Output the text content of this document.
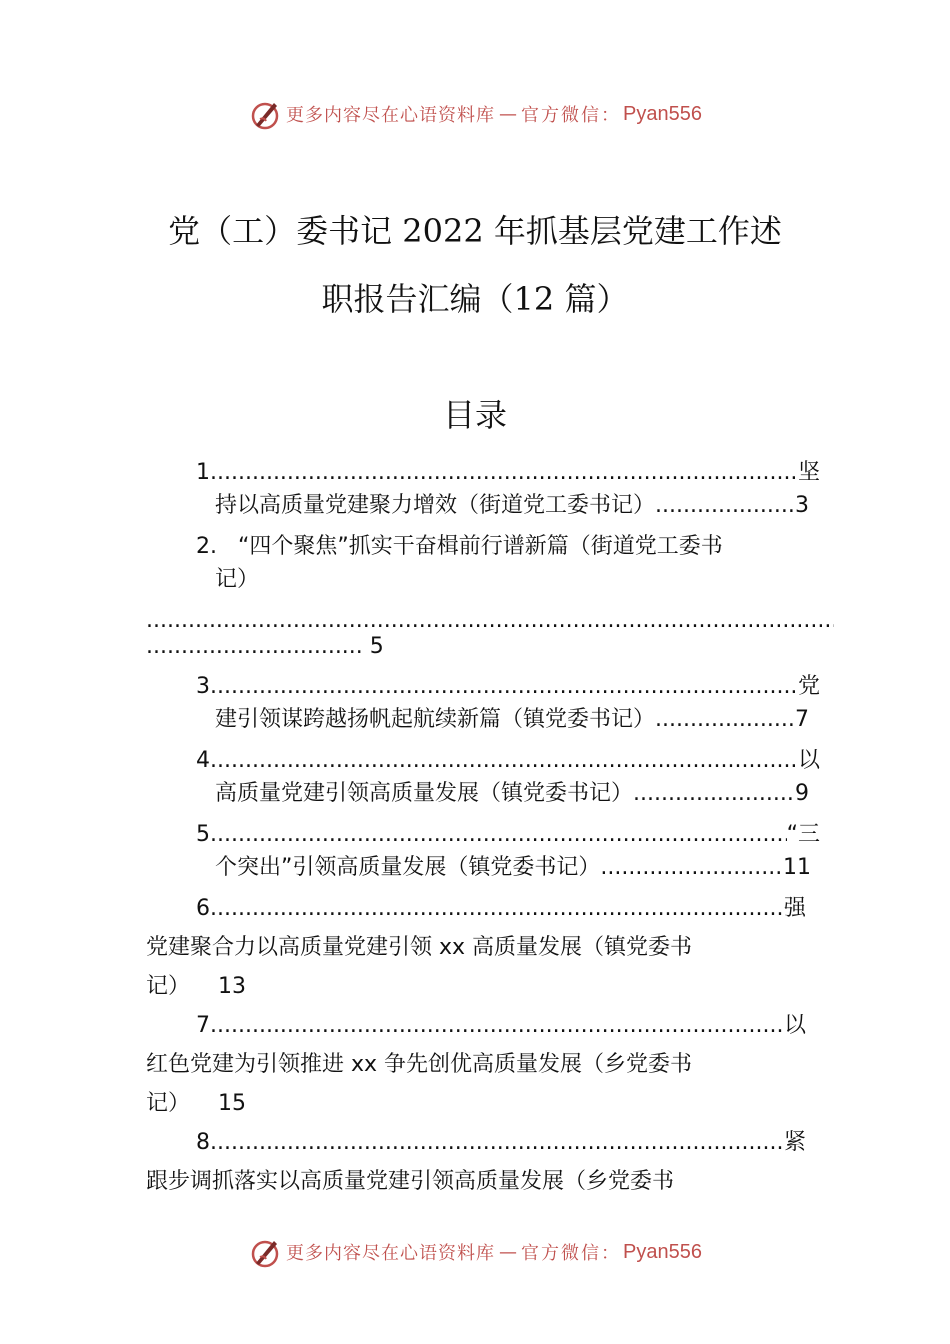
更多内容尽在心语资料库 — 官方微信： Pyan556
党（工）委书记 2022 年抓基层党建工作述
职报告汇编（12 篇）
目录
1 .....	坚
持以高质量党建聚力增效（街道党工委书记） .....	3
2. “四个聚焦”抓实干奋楫前行谱新篇（街道党工委书
记）
.....
............................... 5
3 .....	党
建引领谋跨越扬帆起航续新篇（镇党委书记） .....	7
4 .....	以
高质量党建引领高质量发展（镇党委书记） .....	9
5 .....	“三
个突出”引领高质量发展（镇党委书记） .....	11
6 .....	强
党建聚合力以高质量党建引领 xx 高质量发展（镇党委书
记） 13
7 .....	以
红色党建为引领推进 xx 争先创优高质量发展（乡党委书
记） 15
8 .....	紧
跟步调抓落实以高质量党建引领高质量发展（乡党委书
更多内容尽在心语资料库 — 官方微信： Pyan556
